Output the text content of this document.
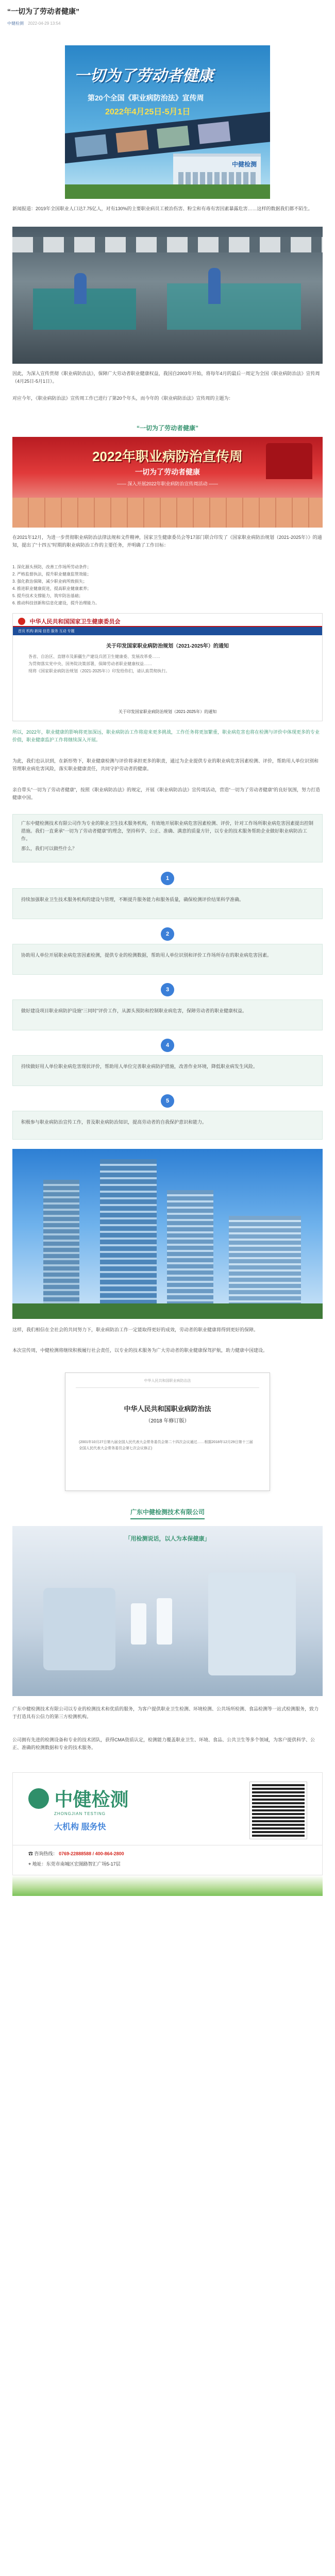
“一切为了劳动者健康”
中健检测 2022-04-29 13:54
一切为了劳动者健康
第20个全国《职业病防治法》宣传周
2022年4月25日-5月1日
中健检测
新闻报道：2019年全国职业人口达7.75亿人，对有130%的主要职业病员工被治伤害、粉尘和有毒有害因素暴露危害……这样的数据我们都不陌生。
因此，为深入宣传贯彻《职业病防治法》，保障广大劳动者职业健康权益，我国自2003年开始，将每年4月的最后一周定为全国《职业病防治法》宣传周（4月25日-5月1日）。
对应今年，《职业病防治法》宣传周工作已进行了第20个年头，而今年的《职业病防治法》宣传周的主题为：
“一切为了劳动者健康”
2022年职业病防治宣传周
一切为了劳动者健康
—— 深入开展2022年职业病防治宣传周活动 ——
在2021年12月，为进一步贯彻职业病防治法律法规和文件精神，国家卫生健康委员会等17部门联合印发了《国家职业病防治规划（2021-2025年）》的通知，提出了“十四五”时期的职业病防治工作的主要任务，并明确了工作目标：
1. 深化源头预防，改善工作场所劳动条件；
2. 严格监督执法，提升职业健康监管效能；
3. 强化救治保障，减少职业病所致损失；
4. 推进职业健康促进，提高职业健康素养；
5. 提升技术支撑能力，筑牢防治基础；
6. 推动科技创新和信息化建设，提升治理能力。
中华人民共和国国家卫生健康委员会
首页 机构 新闻 信息 服务 互动 专题
关于印发国家职业病防治规划（2021-2025年）的通知
各省、自治区、直辖市及新疆生产建设兵团卫生健康委、发展改革委……
为贯彻落实党中央、国务院决策部署，保障劳动者职业健康权益……
现将《国家职业病防治规划（2021-2025年）》印发给你们，请认真贯彻执行。
关于印发国家职业病防治规划（2021-2025年）的通知
所以，2022年，职业健康的影响将更加深远，职业病防治工作将迎来更多挑战，工作任务将更加繁重，职业病危害也将在检测与评价中体现更多的专业价值，职业健康监护工作将继续深入开展。
为此，我们也认识到，在新形势下，职业健康检测与评价将承担更多的职责，通过为企业提供专业的职业病危害因素检测、评价，帮助用人单位识别和管理职业病危害风险，落实职业健康责任，共同守护劳动者的健康。
亲自带头“一切为了劳动者健康”，按照《职业病防治法》的规定，开展《职业病防治法》宣传周活动，营造“一切为了劳动者健康”的良好氛围，努力打造健康中国。
广东中健检测技术有限公司作为专业的职业卫生技术服务机构，有效地开展职业病危害因素检测、评价，针对工作场所职业病危害因素提出控制措施。我们一直秉承“一切为了劳动者健康”的理念，坚持科学、公正、准确、满意的质量方针，以专业的技术服务帮助企业做好职业病防治工作。
那么，我们可以做些什么？
1
持续加强职业卫生技术服务机构的建设与管理，不断提升服务能力和服务质量，确保检测评价结果科学准确。
2
协助用人单位开展职业病危害因素检测，提供专业的检测数据，帮助用人单位识别和评价工作场所存在的职业病危害因素。
3
做好建设项目职业病防护设施“三同时”评价工作，从源头预防和控制职业病危害，保障劳动者的职业健康权益。
4
持续做好用人单位职业病危害现状评价，帮助用人单位完善职业病防护措施，改善作业环境，降低职业病发生风险。
5
积极参与职业病防治宣传工作，普及职业病防治知识，提高劳动者的自我保护意识和能力。
这样，我们相信在全社会的共同努力下，职业病防治工作一定能取得更好的成效，劳动者的职业健康将得到更好的保障。
本次宣传周，中健检测将继续积极履行社会责任，以专业的技术服务为广大劳动者的职业健康保驾护航，助力健康中国建设。
中华人民共和国职业病防治法
中华人民共和国职业病防治法
（2018 年修订版）
(2001年10月27日第九届全国人民代表大会常务委员会第二十四次会议通过……根据2018年12月29日第十三届全国人民代表大会常务委员会第七次会议修正)
广东中健检测技术有限公司
「用检测说话，以人为本保健康」
广东中健检测技术有限公司以专业的检测技术和优质的服务，为客户提供职业卫生检测、环境检测、公共场所检测、食品检测等一站式检测服务，致力于打造具有公信力的第三方检测机构。
公司拥有先进的检测设备和专业的技术团队，获得CMA资质认定，检测能力覆盖职业卫生、环境、食品、公共卫生等多个领域，为客户提供科学、公正、准确的检测数据和专业的技术服务。
中健检测
ZHONGJIAN TESTING
大机构 服务快
☎ 咨询热线： 0769-22888588 / 400-864-2800
⌖ 地址：东莞市南城区宏图路智汇广场5-17层
